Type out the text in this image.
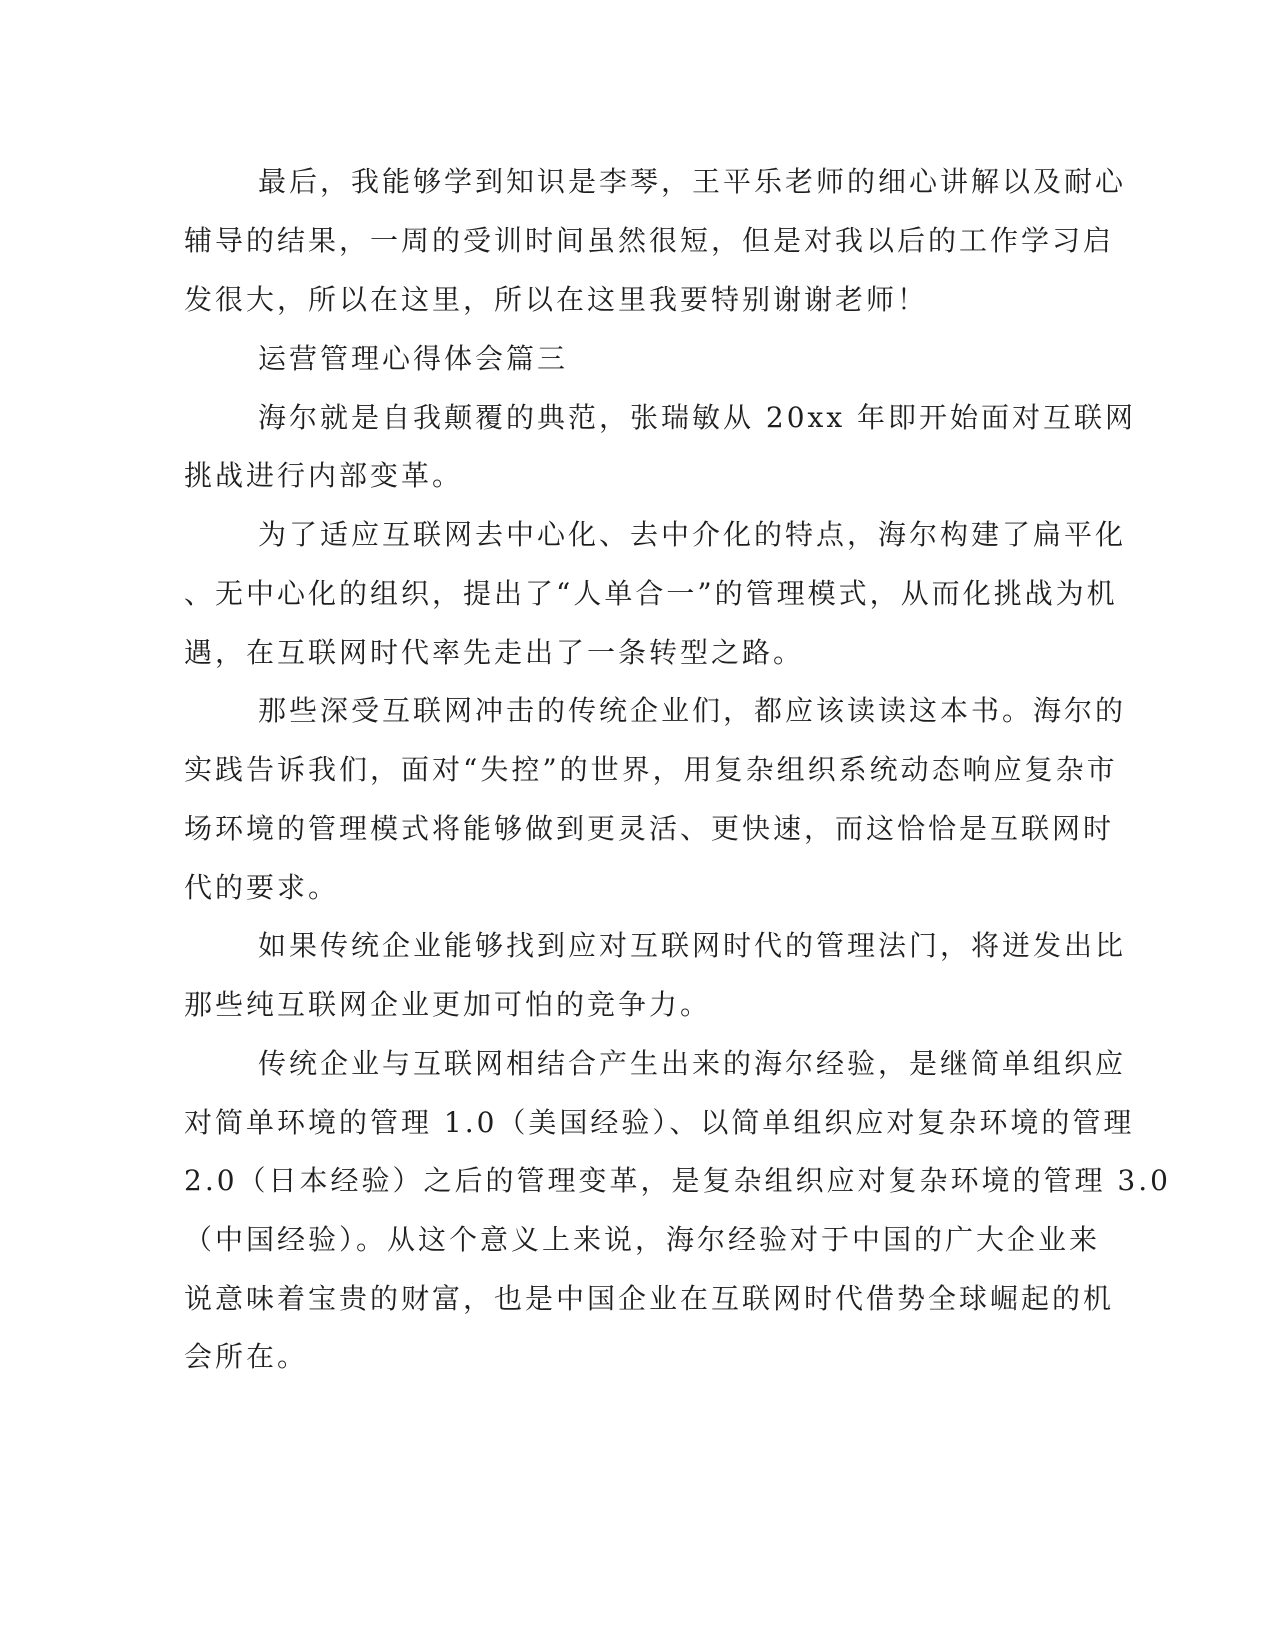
最后，我能够学到知识是李琴，王平乐老师的细心讲解以及耐心
辅导的结果，一周的受训时间虽然很短，但是对我以后的工作学习启
发很大，所以在这里，所以在这里我要特别谢谢老师！
运营管理心得体会篇三
海尔就是自我颠覆的典范，张瑞敏从 20xx 年即开始面对互联网
挑战进行内部变革。
为了适应互联网去中心化、去中介化的特点，海尔构建了扁平化
、无中心化的组织，提出了“人单合一”的管理模式，从而化挑战为机
遇，在互联网时代率先走出了一条转型之路。
那些深受互联网冲击的传统企业们，都应该读读这本书。海尔的
实践告诉我们，面对“失控”的世界，用复杂组织系统动态响应复杂市
场环境的管理模式将能够做到更灵活、更快速，而这恰恰是互联网时
代的要求。
如果传统企业能够找到应对互联网时代的管理法门，将迸发出比
那些纯互联网企业更加可怕的竞争力。
传统企业与互联网相结合产生出来的海尔经验，是继简单组织应
对简单环境的管理 1.0（美国经验）、以简单组织应对复杂环境的管理
2.0（日本经验）之后的管理变革，是复杂组织应对复杂环境的管理 3.0
（中国经验）。从这个意义上来说，海尔经验对于中国的广大企业来
说意味着宝贵的财富，也是中国企业在互联网时代借势全球崛起的机
会所在。
